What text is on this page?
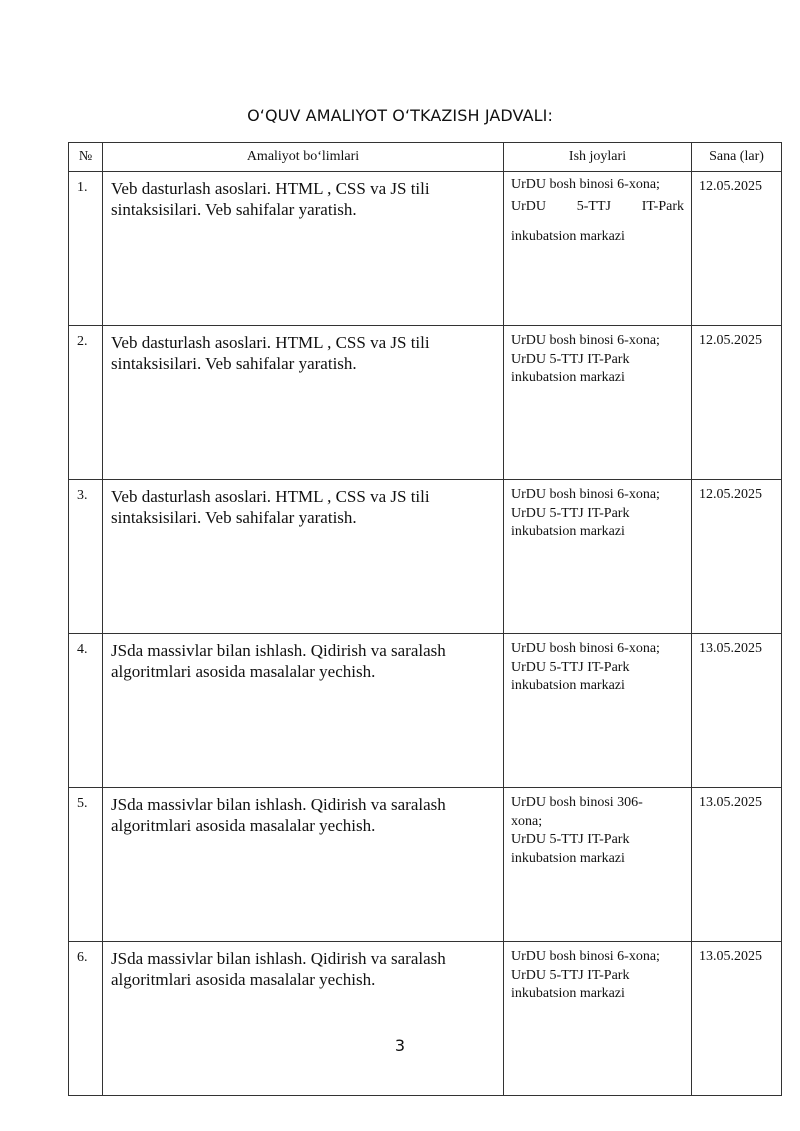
O‘QUV AMALIYOT O‘TKAZISH JADVALI:
№	Amaliyot bo‘limlari	Ish joylari	Sana (lar)
1.	Veb dasturlash asoslari. HTML , CSS va JS tili sintaksisilari. Veb sahifalar yaratish.	UrDU bosh binosi 6-xona;
UrDU 5-TTJ IT-Park
inkubatsion markazi	12.05.2025
2.	Veb dasturlash asoslari. HTML , CSS va JS tili sintaksisilari. Veb sahifalar yaratish.	UrDU bosh binosi 6-xona;
UrDU 5-TTJ IT-Park
inkubatsion markazi	12.05.2025
3.	Veb dasturlash asoslari. HTML , CSS va JS tili sintaksisilari. Veb sahifalar yaratish.	UrDU bosh binosi 6-xona;
UrDU 5-TTJ IT-Park
inkubatsion markazi	12.05.2025
4.	JSda massivlar bilan ishlash. Qidirish va saralash algoritmlari asosida masalalar yechish.	UrDU bosh binosi 6-xona;
UrDU 5-TTJ IT-Park
inkubatsion markazi	13.05.2025
5.	JSda massivlar bilan ishlash. Qidirish va saralash algoritmlari asosida masalalar yechish.	UrDU bosh binosi 306-
xona;
UrDU 5-TTJ IT-Park
inkubatsion markazi	13.05.2025
6.	JSda massivlar bilan ishlash. Qidirish va saralash algoritmlari asosida masalalar yechish.	UrDU bosh binosi 6-xona;
UrDU 5-TTJ IT-Park
inkubatsion markazi	13.05.2025
3
